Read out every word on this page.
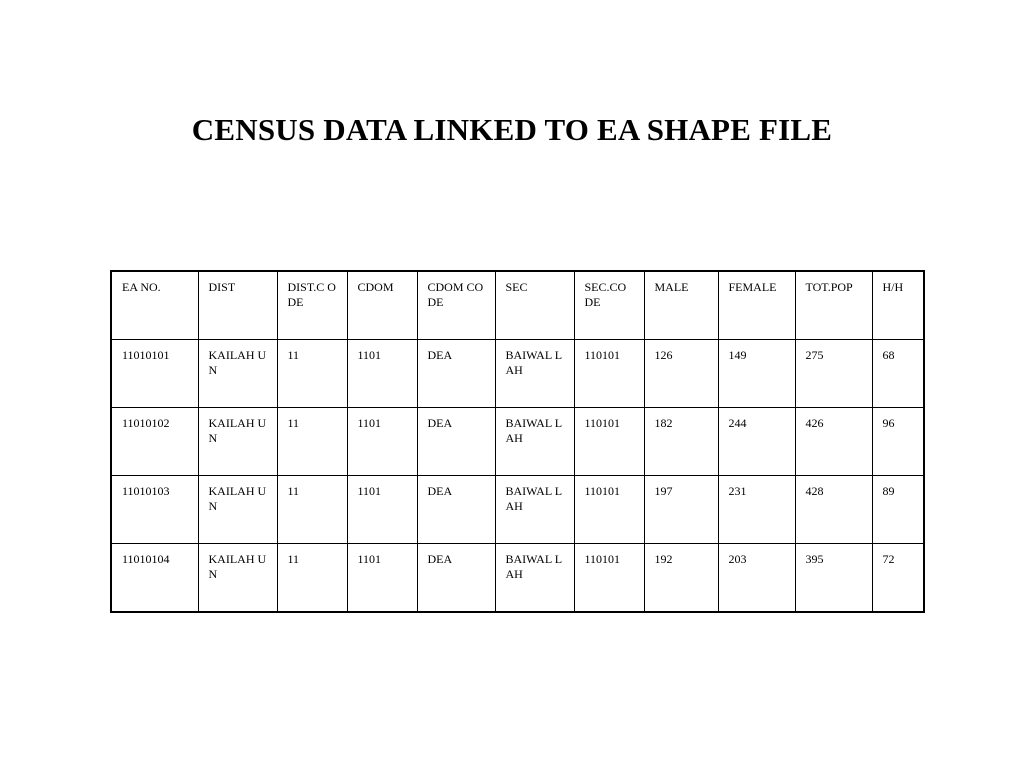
CENSUS DATA LINKED TO EA SHAPE FILE
EA NO.	DIST	DIST.C ODE	CDOM	CDOM CODE	SEC	SEC.CO DE	MALE	FEMALE	TOT.POP	H/H
11010101	KAILAH UN	11	1101	DEA	BAIWAL LAH	110101	126	149	275	68
11010102	KAILAH UN	11	1101	DEA	BAIWAL LAH	110101	182	244	426	96
11010103	KAILAH UN	11	1101	DEA	BAIWAL LAH	110101	197	231	428	89
11010104	KAILAH UN	11	1101	DEA	BAIWAL LAH	110101	192	203	395	72
